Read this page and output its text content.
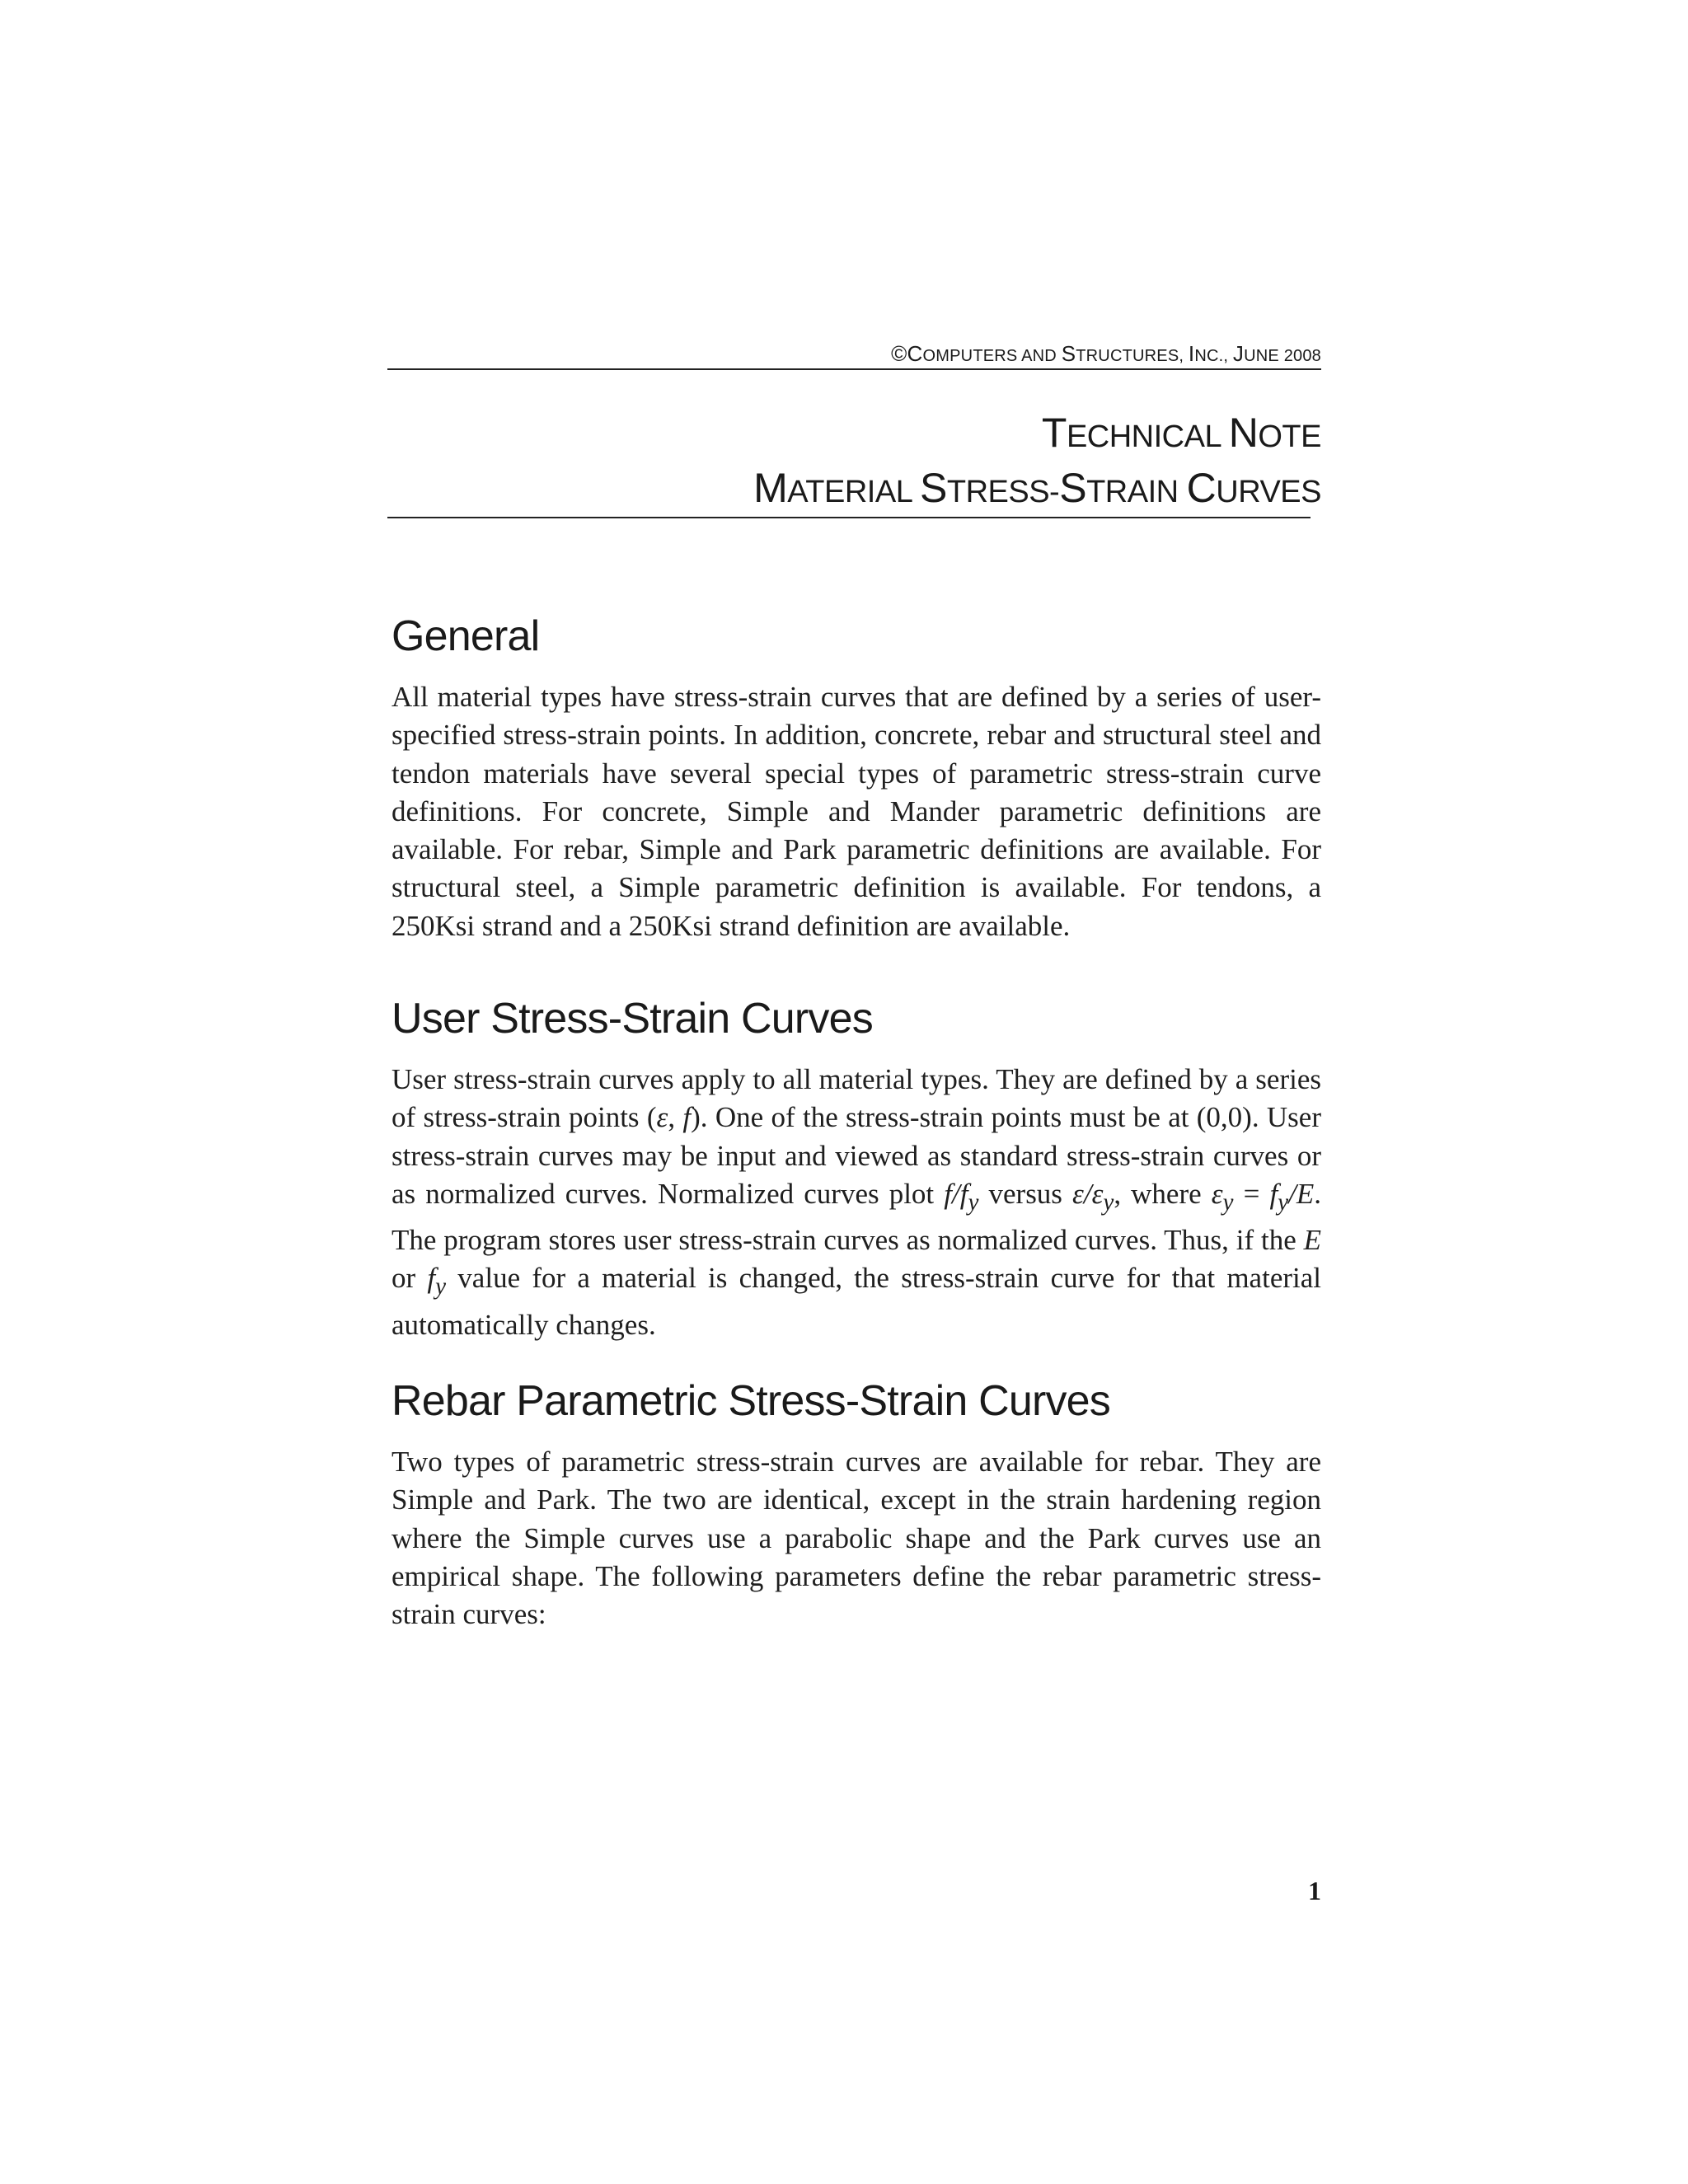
©COMPUTERS AND STRUCTURES, INC., JUNE 2008
TECHNICAL NOTE
MATERIAL STRESS-STRAIN CURVES
General

All material types have stress-strain curves that are defined by a series of user-specified stress-strain points. In addition, concrete, rebar and structural steel and tendon materials have several special types of parametric stress-strain curve definitions. For concrete, Simple and Mander parametric definitions are available. For rebar, Simple and Park parametric definitions are available. For structural steel, a Simple parametric definition is available. For tendons, a 250Ksi strand and a 250Ksi strand definition are available.

User Stress-Strain Curves

User stress-strain curves apply to all material types. They are defined by a series of stress-strain points (ε, f). One of the stress-strain points must be at (0,0). User stress-strain curves may be input and viewed as standard stress-strain curves or as normalized curves. Normalized curves plot $f/f_y$ versus $\varepsilon/\varepsilon_y$, where $\varepsilon_y = f_y/E$. The program stores user stress-strain curves as normalized curves. Thus, if the E or $f_y$ value for a material is changed, the stress-strain curve for that material automatically changes.

Rebar Parametric Stress-Strain Curves

Two types of parametric stress-strain curves are available for rebar. They are Simple and Park. The two are identical, except in the strain hardening region where the Simple curves use a parabolic shape and the Park curves use an empirical shape. The following parameters define the rebar parametric stress-strain curves:

1
